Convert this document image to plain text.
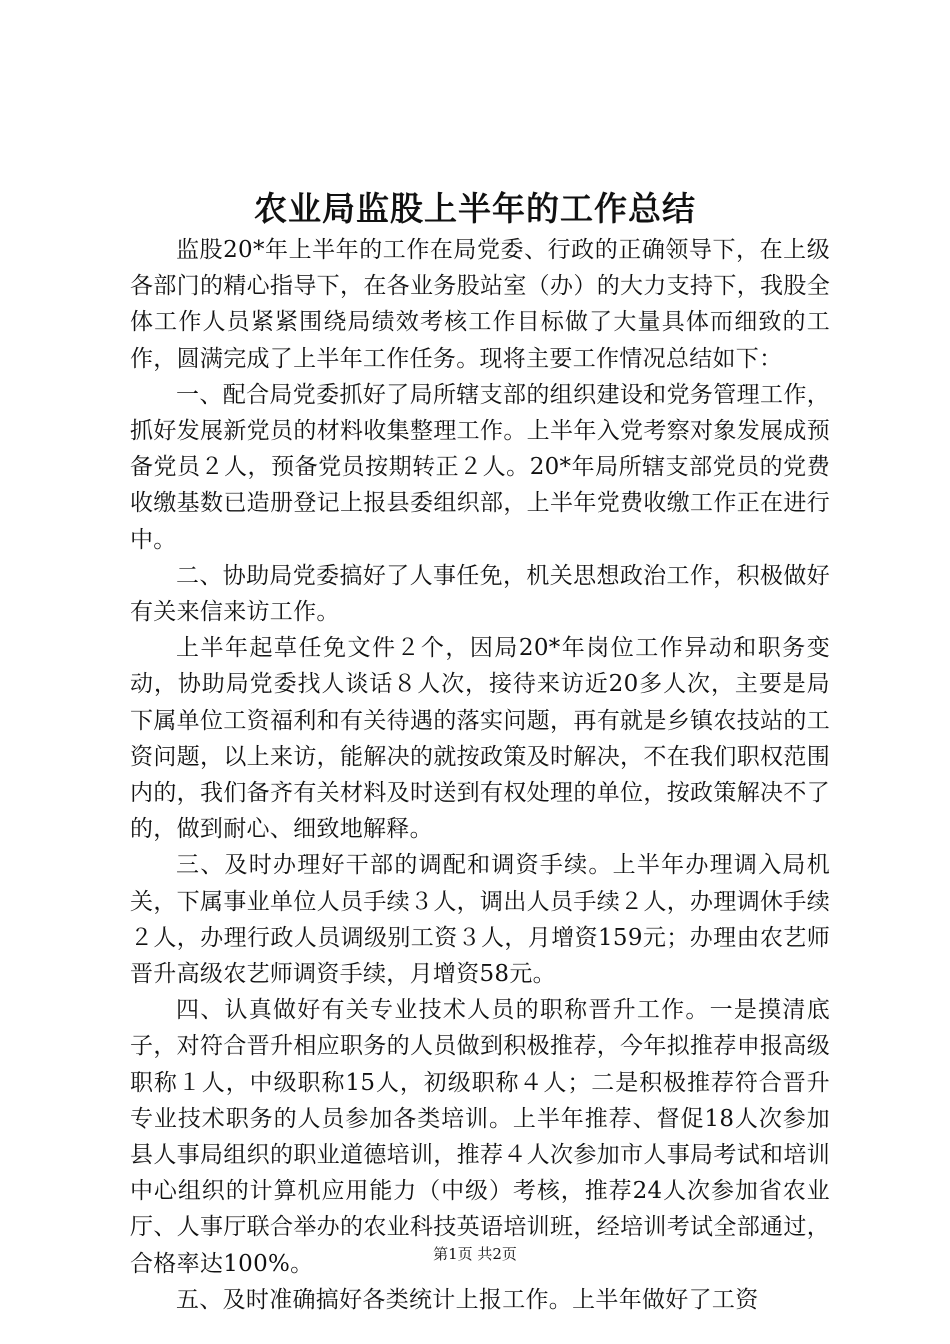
农业局监股上半年的工作总结

监股20*年上半年的工作在局党委、行政的正确领导下，在上级各部门的精心指导下，在各业务股站室（办）的大力支持下，我股全体工作人员紧紧围绕局绩效考核工作目标做了大量具体而细致的工作，圆满完成了上半年工作任务。现将主要工作情况总结如下：

一、配合局党委抓好了局所辖支部的组织建设和党务管理工作，抓好发展新党员的材料收集整理工作。上半年入党考察对象发展成预备党员２人，预备党员按期转正２人。20*年局所辖支部党员的党费收缴基数已造册登记上报县委组织部，上半年党费收缴工作正在进行中。

二、协助局党委搞好了人事任免，机关思想政治工作，积极做好有关来信来访工作。

上半年起草任免文件２个，因局20*年岗位工作异动和职务变动，协助局党委找人谈话８人次，接待来访近20多人次，主要是局下属单位工资福利和有关待遇的落实问题，再有就是乡镇农技站的工资问题，以上来访，能解决的就按政策及时解决，不在我们职权范围内的，我们备齐有关材料及时送到有权处理的单位，按政策解决不了的，做到耐心、细致地解释。

三、及时办理好干部的调配和调资手续。上半年办理调入局机关，下属事业单位人员手续３人，调出人员手续２人，办理调休手续２人，办理行政人员调级别工资３人，月增资159元；办理由农艺师晋升高级农艺师调资手续，月增资58元。

四、认真做好有关专业技术人员的职称晋升工作。一是摸清底子，对符合晋升相应职务的人员做到积极推荐，今年拟推荐申报高级职称１人，中级职称15人，初级职称４人；二是积极推荐符合晋升专业技术职务的人员参加各类培训。上半年推荐、督促18人次参加县人事局组织的职业道德培训，推荐４人次参加市人事局考试和培训中心组织的计算机应用能力（中级）考核，推荐24人次参加省农业厅、人事厅联合举办的农业科技英语培训班，经培训考试全部通过，合格率达100%。

五、及时准确搞好各类统计上报工作。上半年做好了工资

第1页 共2页
